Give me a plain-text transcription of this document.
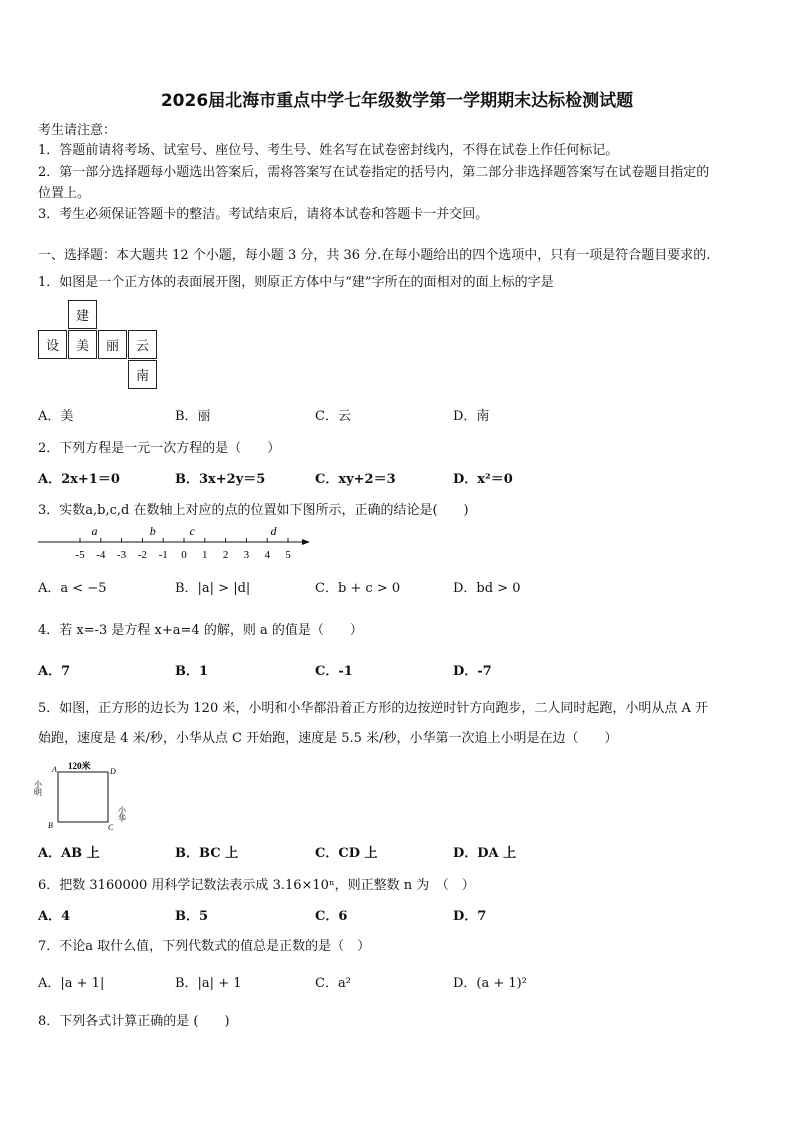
2026届北海市重点中学七年级数学第一学期期末达标检测试题
考生请注意：
1．答题前请将考场、试室号、座位号、考生号、姓名写在试卷密封线内，不得在试卷上作任何标记。
2．第一部分选择题每小题选出答案后，需将答案写在试卷指定的括号内，第二部分非选择题答案写在试卷题目指定的
位置上。
3．考生必须保证答题卡的整洁。考试结束后，请将本试卷和答题卡一并交回。
一、选择题：本大题共 12 个小题，每小题 3 分，共 36 分.在每小题给出的四个选项中，只有一项是符合题目要求的.
1．如图是一个正方体的表面展开图，则原正方体中与“建”字所在的面相对的面上标的字是
建
设	美	丽	云
南
A．美	B．丽	C．云	D．南
2．下列方程是一元一次方程的是（　　）
A．2x+1＝0	B．3x+2y＝5	C．xy+2＝3	D．x²＝0
3．实数a,b,c,d 在数轴上对应的点的位置如下图所示，正确的结论是(　　)
-5 -4 -3 -2 -1 0 1 2 3 4 5
a	b	c	d
A．a < −5	B．|a| > |d|	C．b + c > 0	D．bd > 0
4．若 x=-3 是方程 x+a=4 的解，则 a 的值是（　　）
A．7	B．1	C．-1	D．-7
5．如图，正方形的边长为 120 米，小明和小华都沿着正方形的边按逆时针方向跑步，二人同时起跑，小明从点 A 开
始跑，速度是 4 米/秒，小华从点 C 开始跑，速度是 5.5 米/秒，小华第一次追上小明是在边（　　）
120米
A
B	C
D
小明
小华
A．AB 上	B．BC 上	C．CD 上	D．DA 上
6．把数 3160000 用科学记数法表示成 3.16×10ⁿ，则正整数 n 为　（　）
A．4	B．5	C．6	D．7
7．不论a 取什么值，下列代数式的值总是正数的是（　）
A．|a + 1|	B．|a| + 1	C．a²	D．(a + 1)²
8．下列各式计算正确的是 (　　)
